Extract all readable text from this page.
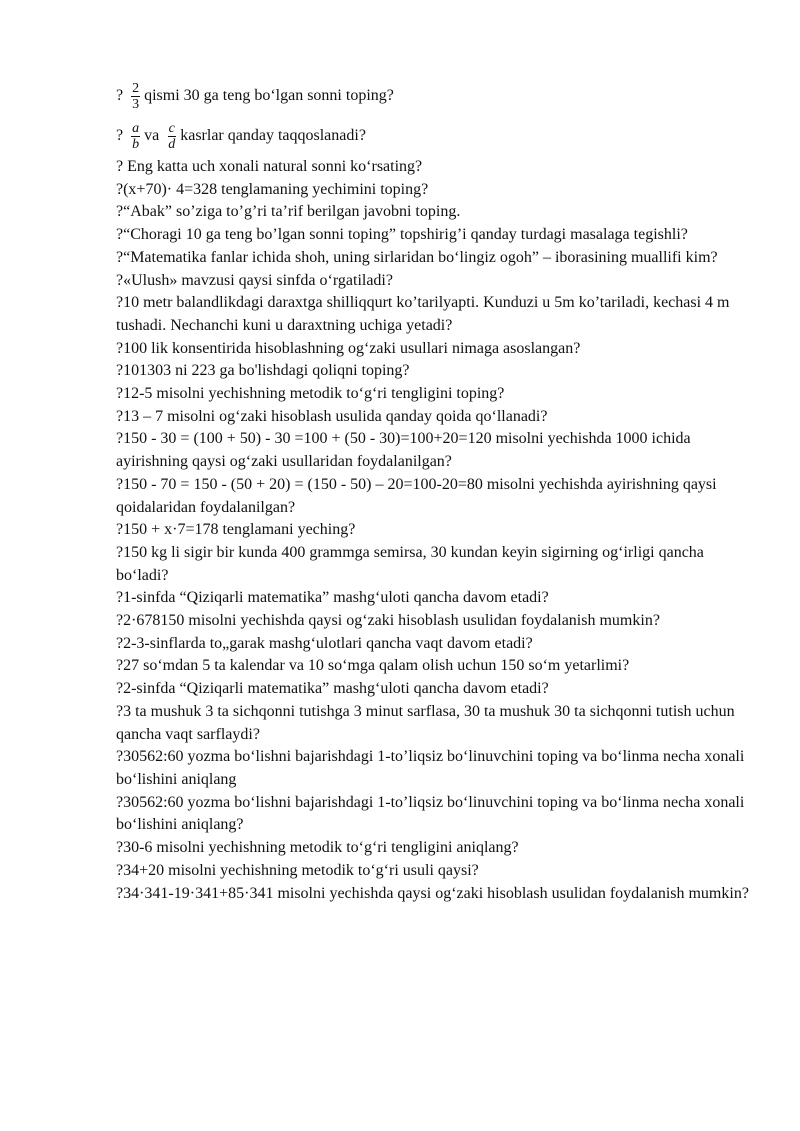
? $\frac{2}{3}$ qismi 30 ga teng bo‘lgan sonni toping?
? $\frac{a}{b}$ va $\frac{c}{d}$ kasrlar qanday taqqoslanadi?

? Eng katta uch xonali natural sonni ko‘rsating?

?(x+70)· 4=328 tenglamaning yechimini toping?

?“Abak” so’ziga to’g’ri ta’rif berilgan javobni toping.

?“Choragi 10 ga teng bo’lgan sonni toping” topshirig’i qanday turdagi masalaga tegishli?

?“Matematika fanlar ichida shoh, uning sirlaridan bo‘lingiz ogoh” – iborasining muallifi kim?

?«Ulush» mavzusi qaysi sinfda o‘rgatiladi?

?10 metr balandlikdagi daraxtga shilliqqurt ko’tarilyapti. Kunduzi u 5m ko’tariladi, kechasi 4 m tushadi. Nechanchi kuni u daraxtning uchiga yetadi?

?100 lik konsentirida hisoblashning og‘zaki usullari nimaga asoslangan?

?101303 ni 223 ga bo'lishdagi qoliqni toping?

?12-5 misolni yechishning metodik to‘g‘ri tengligini toping?

?13 – 7 misolni og‘zaki hisoblash usulida qanday qoida qo‘llanadi?

?150 - 30 = (100 + 50) - 30 =100 + (50 - 30)=100+20=120 misolni yechishda 1000 ichida ayirishning qaysi og‘zaki usullaridan foydalanilgan?

?150 - 70 = 150 - (50 + 20) = (150 - 50) – 20=100-20=80 misolni yechishda ayirishning qaysi qoidalaridan foydalanilgan?

?150 + x·7=178 tenglamani yeching?

?150 kg li sigir bir kunda 400 grammga semirsa, 30 kundan keyin sigirning og‘irligi qancha bo‘ladi?

?1-sinfda “Qiziqarli matematika” mashg‘uloti qancha davom etadi?

?2·678150 misolni yechishda qaysi og‘zaki hisoblash usulidan foydalanish mumkin?

?2-3-sinflarda to„garak mashg‘ulotlari qancha vaqt davom etadi?

?27 so‘mdan 5 ta kalendar va 10 so‘mga qalam olish uchun 150 so‘m yetarlimi?

?2-sinfda “Qiziqarli matematika” mashg‘uloti qancha davom etadi?

?3 ta mushuk 3 ta sichqonni tutishga 3 minut sarflasa, 30 ta mushuk 30 ta sichqonni tutish uchun qancha vaqt sarflaydi?

?30562:60 yozma bo‘lishni bajarishdagi 1-to’liqsiz bo‘linuvchini toping va bo‘linma necha xonali bo‘lishini aniqlang

?30562:60 yozma bo‘lishni bajarishdagi 1-to’liqsiz bo‘linuvchini toping va bo‘linma necha xonali bo‘lishini aniqlang?

?30-6 misolni yechishning metodik to‘g‘ri tengligini aniqlang?

?34+20 misolni yechishning metodik to‘g‘ri usuli qaysi?

?34·341-19·341+85·341 misolni yechishda qaysi og‘zaki hisoblash usulidan foydalanish mumkin?
